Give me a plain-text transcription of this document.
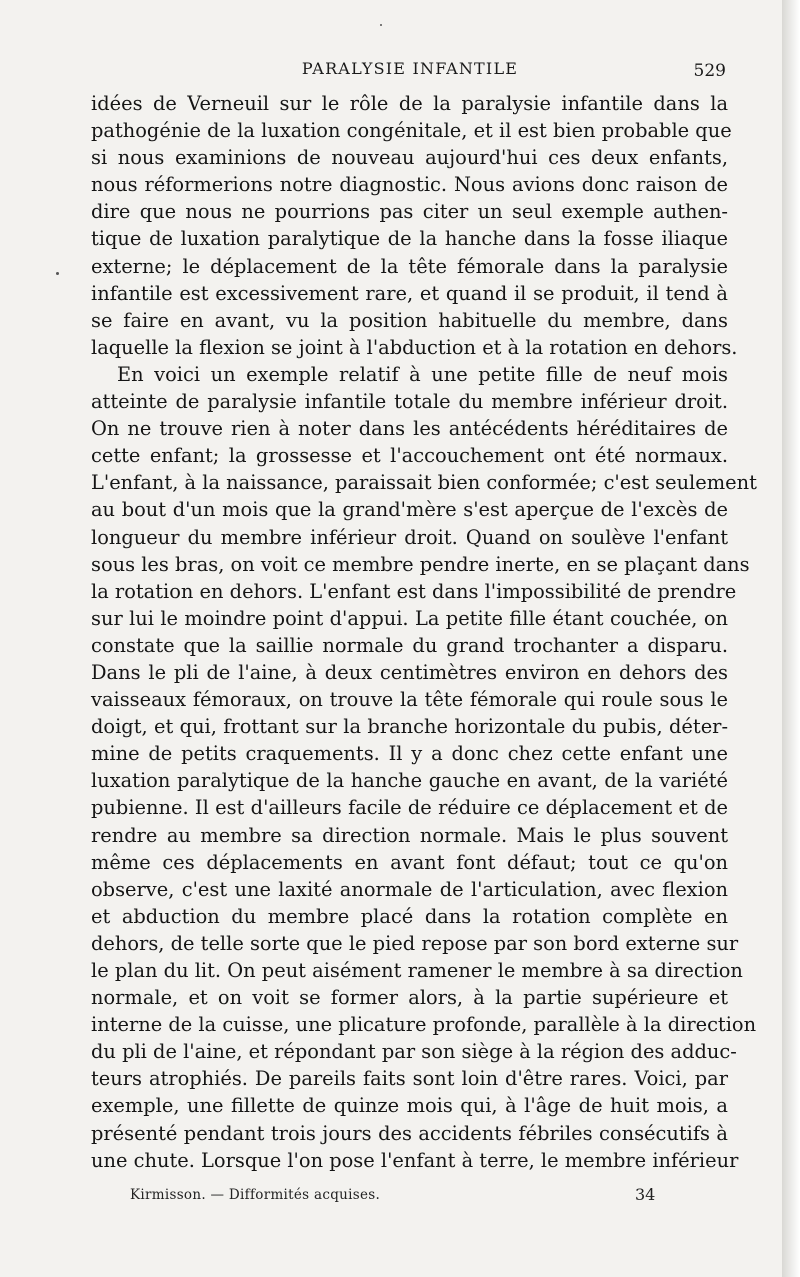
PARALYSIE INFANTILE	529
idées de Verneuil sur le rôle de la paralysie infantile dans la
pathogénie de la luxation congénitale, et il est bien probable que
si nous examinions de nouveau aujourd'hui ces deux enfants,
nous réformerions notre diagnostic. Nous avions donc raison de
dire que nous ne pourrions pas citer un seul exemple authen-
tique de luxation paralytique de la hanche dans la fosse iliaque
externe; le déplacement de la tête fémorale dans la paralysie
infantile est excessivement rare, et quand il se produit, il tend à
se faire en avant, vu la position habituelle du membre, dans
laquelle la flexion se joint à l'abduction et à la rotation en dehors.
En voici un exemple relatif à une petite fille de neuf mois
atteinte de paralysie infantile totale du membre inférieur droit.
On ne trouve rien à noter dans les antécédents héréditaires de
cette enfant; la grossesse et l'accouchement ont été normaux.
L'enfant, à la naissance, paraissait bien conformée; c'est seulement
au bout d'un mois que la grand'mère s'est aperçue de l'excès de
longueur du membre inférieur droit. Quand on soulève l'enfant
sous les bras, on voit ce membre pendre inerte, en se plaçant dans
la rotation en dehors. L'enfant est dans l'impossibilité de prendre
sur lui le moindre point d'appui. La petite fille étant couchée, on
constate que la saillie normale du grand trochanter a disparu.
Dans le pli de l'aine, à deux centimètres environ en dehors des
vaisseaux fémoraux, on trouve la tête fémorale qui roule sous le
doigt, et qui, frottant sur la branche horizontale du pubis, déter-
mine de petits craquements. Il y a donc chez cette enfant une
luxation paralytique de la hanche gauche en avant, de la variété
pubienne. Il est d'ailleurs facile de réduire ce déplacement et de
rendre au membre sa direction normale. Mais le plus souvent
même ces déplacements en avant font défaut; tout ce qu'on
observe, c'est une laxité anormale de l'articulation, avec flexion
et abduction du membre placé dans la rotation complète en
dehors, de telle sorte que le pied repose par son bord externe sur
le plan du lit. On peut aisément ramener le membre à sa direction
normale, et on voit se former alors, à la partie supérieure et
interne de la cuisse, une plicature profonde, parallèle à la direction
du pli de l'aine, et répondant par son siège à la région des adduc-
teurs atrophiés. De pareils faits sont loin d'être rares. Voici, par
exemple, une fillette de quinze mois qui, à l'âge de huit mois, a
présenté pendant trois jours des accidents fébriles consécutifs à
une chute. Lorsque l'on pose l'enfant à terre, le membre inférieur
Kirmisson. — Difformités acquises.	34
